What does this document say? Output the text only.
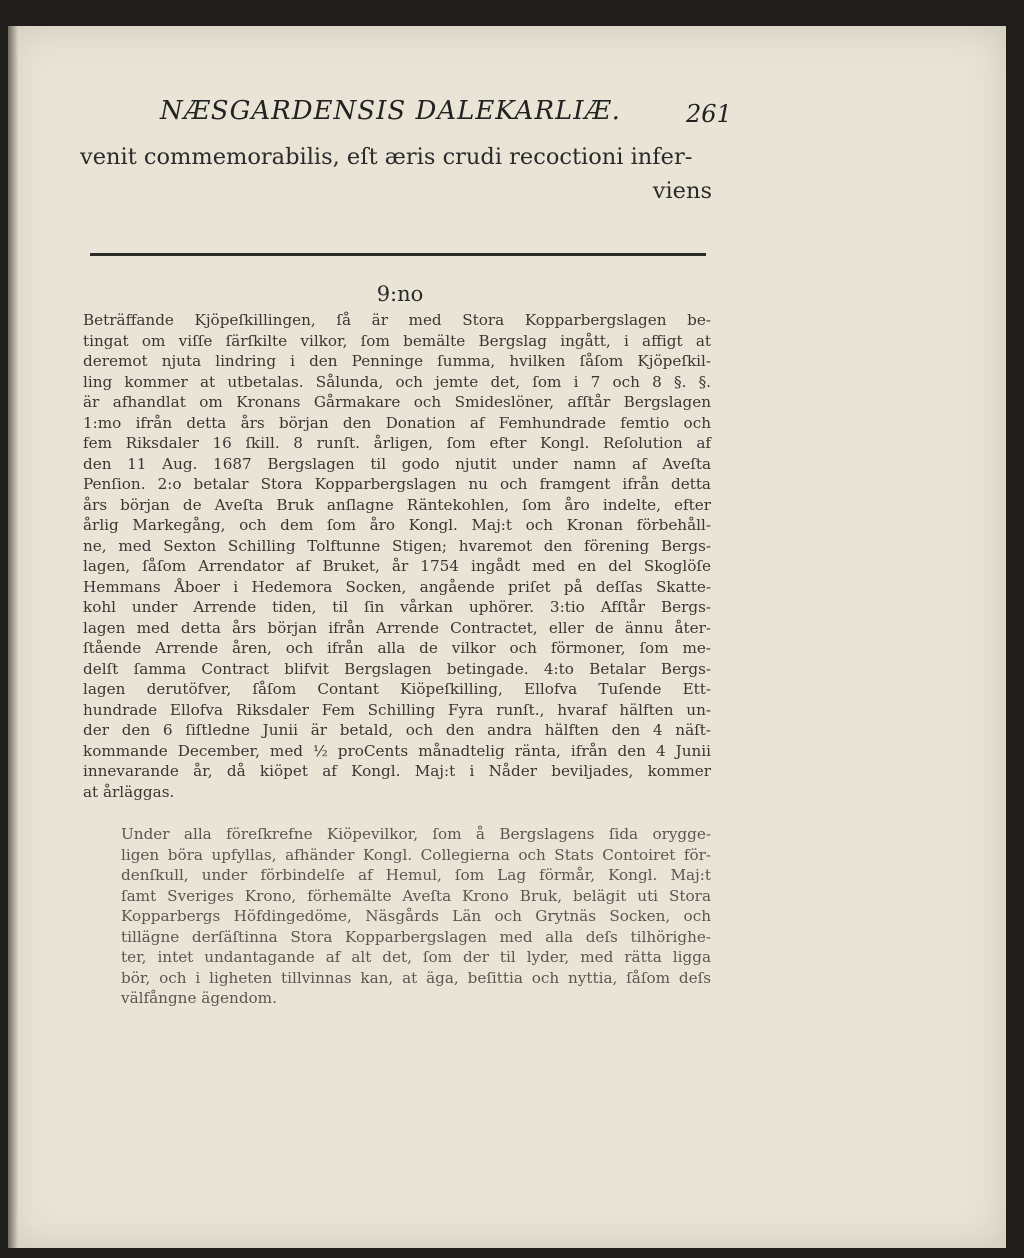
NÆSGARDENSIS DALEKARLIÆ.	261
venit commemorabilis, eſt æris crudi recoctioni infer-
viens
9:no

Beträffande Kjöpeſkillingen, ſå är med Stora Kopparbergslagen be-
tingat om viſſe ſärſkilte vilkor, ſom bemälte Bergslag ingått, i affigt at
deremot njuta lindring i den Penninge ſumma, hvilken ſåſom Kjöpeſkil-
ling kommer at utbetalas. Sålunda, och jemte det, ſom i 7 och 8 §. §.
är afhandlat om Kronans Gårmakare och Smideslöner, afſtår Bergslagen
1:mo ifrån detta års början den Donation af Femhundrade femtio och
fem Riksdaler 16 ſkill. 8 runſt. årligen, ſom efter Kongl. Reſolution af
den 11 Aug. 1687 Bergslagen til godo njutit under namn af Aveſta
Penſion. 2:o betalar Stora Kopparbergslagen nu och framgent ifrån detta
års början de Aveſta Bruk anſlagne Räntekohlen, ſom åro indelte, efter
årlig Markegång, och dem ſom åro Kongl. Maj:t och Kronan förbehåll-
ne, med Sexton Schilling Tolftunne Stigen; hvaremot den förening Bergs-
lagen, ſåſom Arrendator af Bruket, år 1754 ingådt med en del Skoglöſe
Hemmans Åboer i Hedemora Socken, angående priſet på deſſas Skatte-
kohl under Arrende tiden, til ſin vårkan uphörer. 3:tio Afſtår Bergs-
lagen med detta års början ifrån Arrende Contractet, eller de ännu åter-
ſtående Arrende åren, och ifrån alla de vilkor och förmoner, ſom me-
delſt ſamma Contract blifvit Bergslagen betingade. 4:to Betalar Bergs-
lagen derutöfver, ſåſom Contant Kiöpeſkilling, Ellofva Tuſende Ett-
hundrade Ellofva Riksdaler Fem Schilling Fyra runſt., hvaraf hälften un-
der den 6 ſiſtledne Junii är betald, och den andra hälften den 4 näſt-
kommande December, med ½ proCents månadtelig ränta, ifrån den 4 Junii
innevarande år, då kiöpet af Kongl. Maj:t i Nåder beviljades, kommer
at årläggas.

Under alla föreſkrefne Kiöpevilkor, ſom å Bergslagens ſida orygge-
ligen böra upfyllas, afhänder Kongl. Collegierna och Stats Contoiret för-
denſkull, under förbindelſe af Hemul, ſom Lag förmår, Kongl. Maj:t
ſamt Sveriges Krono, förhemälte Aveſta Krono Bruk, belägit uti Stora
Kopparbergs Höfdingedöme, Näsgårds Län och Grytnäs Socken, och
tillägne derſäſtinna Stora Kopparbergslagen med alla deſs tilhörighe-
ter, intet undantagande af alt det, ſom der til lyder, med rätta ligga
bör, och i ligheten tillvinnas kan, at äga, beſittia och nyttia, ſåſom deſs
välfångne ägendom.
